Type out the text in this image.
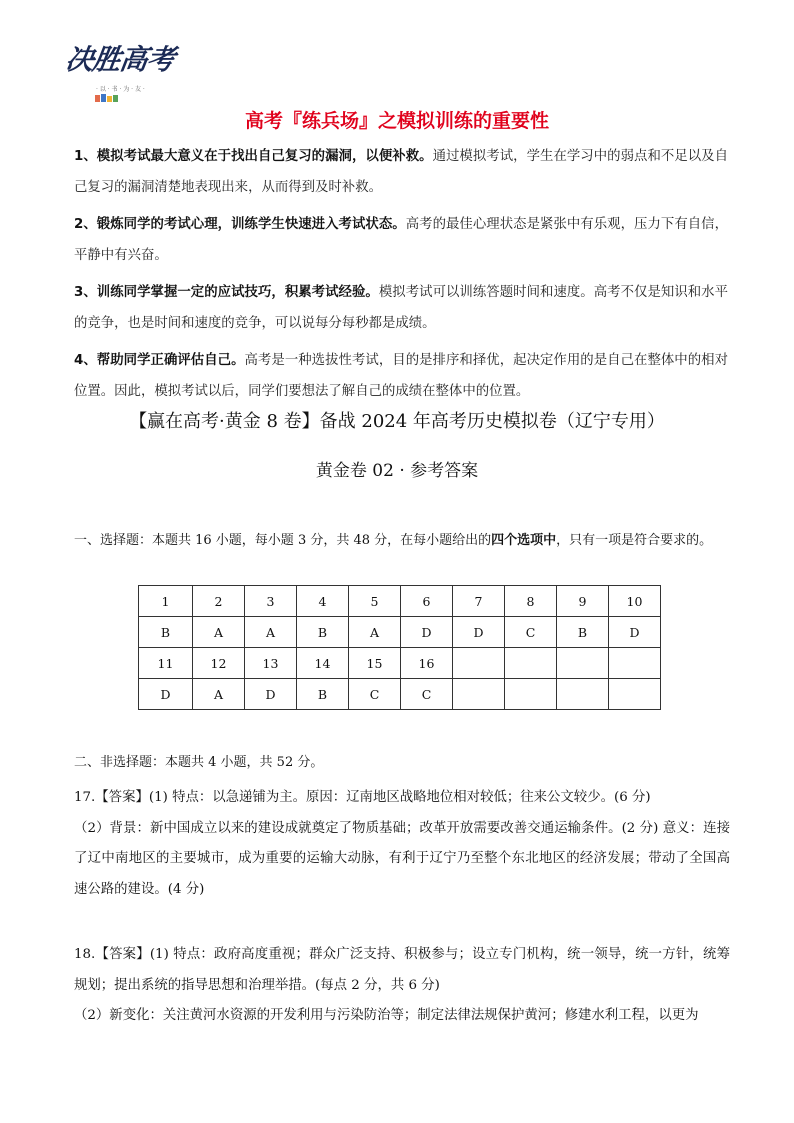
决胜高考
· 以 · 书 · 为 · 友 ·
高考『练兵场』之模拟训练的重要性

1、模拟考试最大意义在于找出自己复习的漏洞，以便补救。通过模拟考试，学生在学习中的弱点和不足以及自己复习的漏洞清楚地表现出来，从而得到及时补救。

2、锻炼同学的考试心理，训练学生快速进入考试状态。高考的最佳心理状态是紧张中有乐观，压力下有自信，平静中有兴奋。

3、训练同学掌握一定的应试技巧，积累考试经验。模拟考试可以训练答题时间和速度。高考不仅是知识和水平的竞争，也是时间和速度的竞争，可以说每分每秒都是成绩。

4、帮助同学正确评估自己。高考是一种选拔性考试，目的是排序和择优，起决定作用的是自己在整体中的相对位置。因此，模拟考试以后，同学们要想法了解自己的成绩在整体中的位置。

【赢在高考·黄金 8 卷】备战 2024 年高考历史模拟卷（辽宁专用）
黄金卷 02 · 参考答案
一、选择题：本题共 16 小题，每小题 3 分，共 48 分，在每小题给出的四个选项中，只有一项是符合要求的。
1	2	3	4	5	6	7	8	9	10
B	A	A	B	A	D	D	C	B	D
11	12	13	14	15	16				
D	A	D	B	C	C				
二、非选择题：本题共 4 小题，共 52 分。

17.【答案】(1) 特点：以急递铺为主。原因：辽南地区战略地位相对较低；往来公文较少。(6 分)

（2）背景：新中国成立以来的建设成就奠定了物质基础；改革开放需要改善交通运输条件。(2 分) 意义：连接了辽中南地区的主要城市，成为重要的运输大动脉，有利于辽宁乃至整个东北地区的经济发展；带动了全国高速公路的建设。(4 分)

18.【答案】(1) 特点：政府高度重视；群众广泛支持、积极参与；设立专门机构，统一领导，统一方针，统筹规划；提出系统的指导思想和治理举措。(每点 2 分，共 6 分)

（2）新变化：关注黄河水资源的开发利用与污染防治等；制定法律法规保护黄河；修建水利工程，以更为
